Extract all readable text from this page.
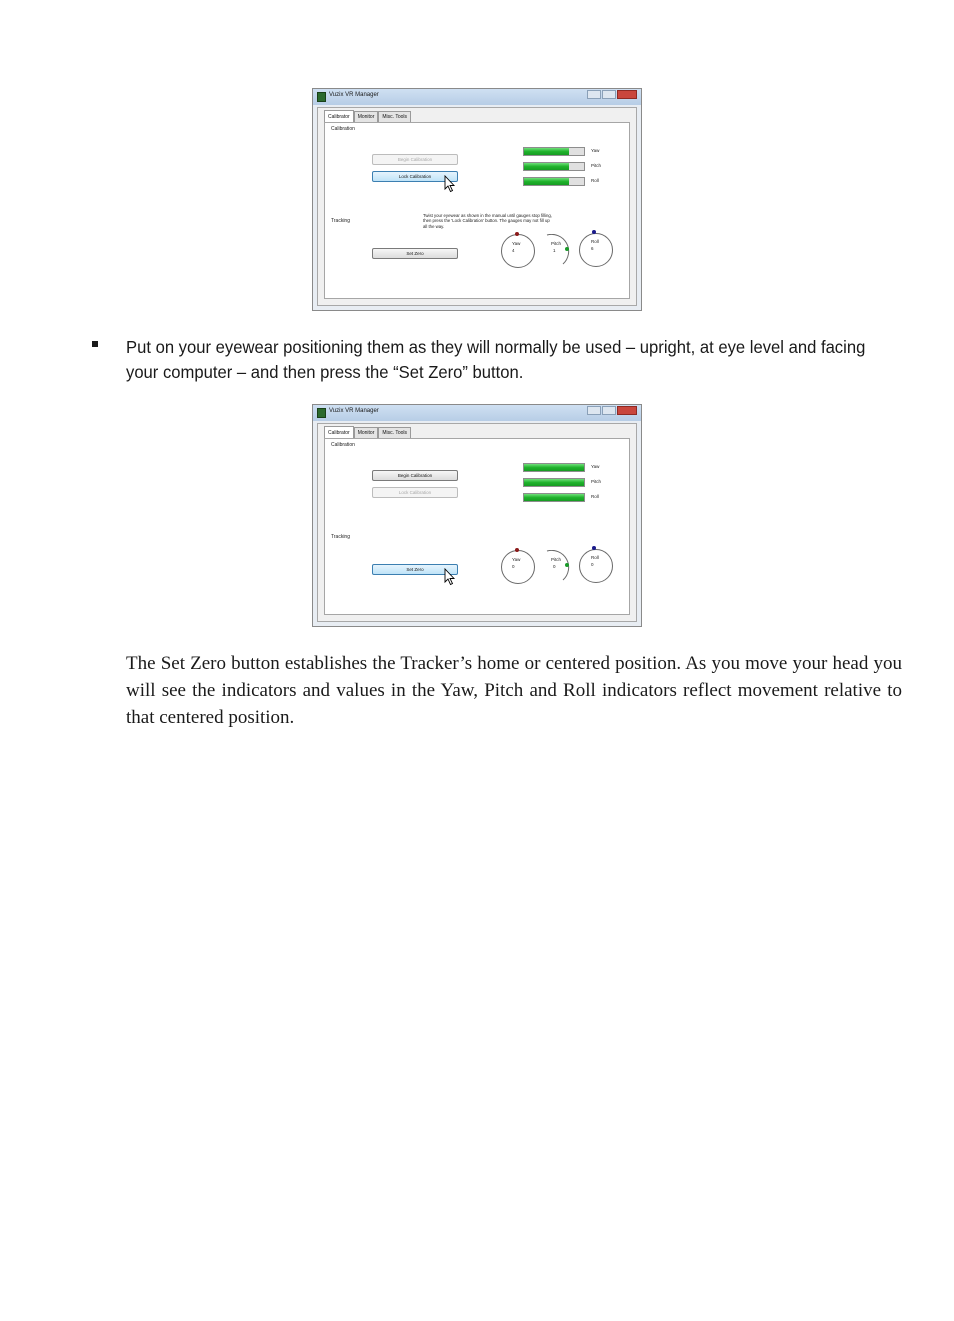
Vuzix VR Manager
Calibrator	Monitor	Misc. Tools
Calibration
Begin Calibration
Lock Calibration
Yaw
Pitch
Roll
Twist your eyewear as shown in the manual until gauges stop filling, then press the 'Lock Calibration' button. The gauges may not fill up all the way.
Tracking
Set Zero
Yaw
4
Pitch
1
Roll
6
Put on your eyewear positioning them as they will normally be used – upright, at eye level and facing your computer – and then press the “Set Zero” button.
Vuzix VR Manager
Calibrator	Monitor	Misc. Tools
Calibration
Begin Calibration
Lock Calibration
Yaw
Pitch
Roll
Tracking
Set Zero
Yaw
0
Pitch
0
Roll
0
The Set Zero button establishes the Tracker’s home or centered position. As you move your head you will see the indicators and values in the Yaw, Pitch and Roll indicators reflect movement relative to that centered position.
